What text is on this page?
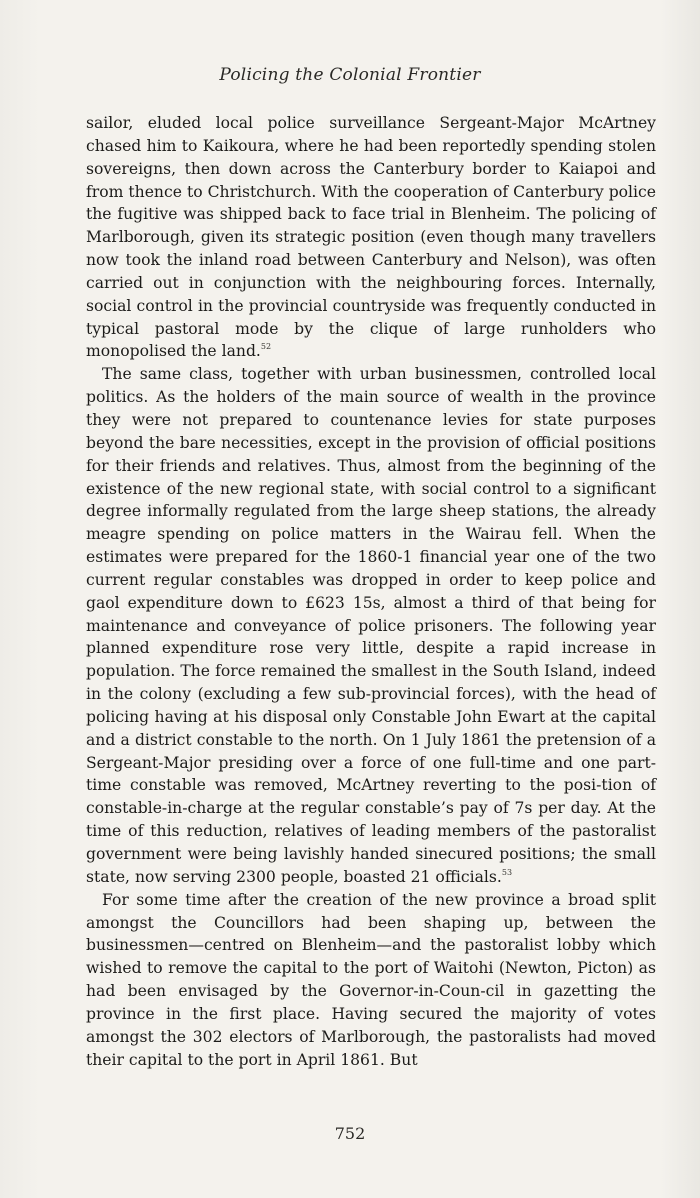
Policing the Colonial Frontier

sailor, eluded local police surveillance Sergeant-Major McArtney chased him to Kaikoura, where he had been reportedly spending stolen sovereigns, then down across the Canterbury border to Kaiapoi and from thence to Christchurch. With the cooperation of Canterbury police the fugitive was shipped back to face trial in Blenheim. The policing of Marlborough, given its strategic position (even though many travellers now took the inland road between Canterbury and Nelson), was often carried out in conjunction with the neighbouring forces. Internally, social control in the provincial countryside was frequently conducted in typical pastoral mode by the clique of large runholders who monopolised the land.$^{52}$

The same class, together with urban businessmen, controlled local politics. As the holders of the main source of wealth in the province they were not prepared to countenance levies for state purposes beyond the bare necessities, except in the provision of official positions for their friends and relatives. Thus, almost from the beginning of the existence of the new regional state, with social control to a significant degree informally regulated from the large sheep stations, the already meagre spending on police matters in the Wairau fell. When the estimates were prepared for the 1860-1 financial year one of the two current regular constables was dropped in order to keep police and gaol expenditure down to £623 15s, almost a third of that being for maintenance and conveyance of police prisoners. The following year planned expenditure rose very little, despite a rapid increase in population. The force remained the smallest in the South Island, indeed in the colony (excluding a few sub-provincial forces), with the head of policing having at his disposal only Constable John Ewart at the capital and a district constable to the north. On 1 July 1861 the pretension of a Sergeant-Major presiding over a force of one full-time and one part-time constable was removed, McArtney reverting to the posi-tion of constable-in-charge at the regular constable’s pay of 7s per day. At the time of this reduction, relatives of leading members of the pastoralist government were being lavishly handed sinecured positions; the small state, now serving 2300 people, boasted 21 officials.$^{53}$

For some time after the creation of the new province a broad split amongst the Councillors had been shaping up, between the businessmen—centred on Blenheim—and the pastoralist lobby which wished to remove the capital to the port of Waitohi (Newton, Picton) as had been envisaged by the Governor-in-Coun-cil in gazetting the province in the first place. Having secured the majority of votes amongst the 302 electors of Marlborough, the pastoralists had moved their capital to the port in April 1861. But

752
